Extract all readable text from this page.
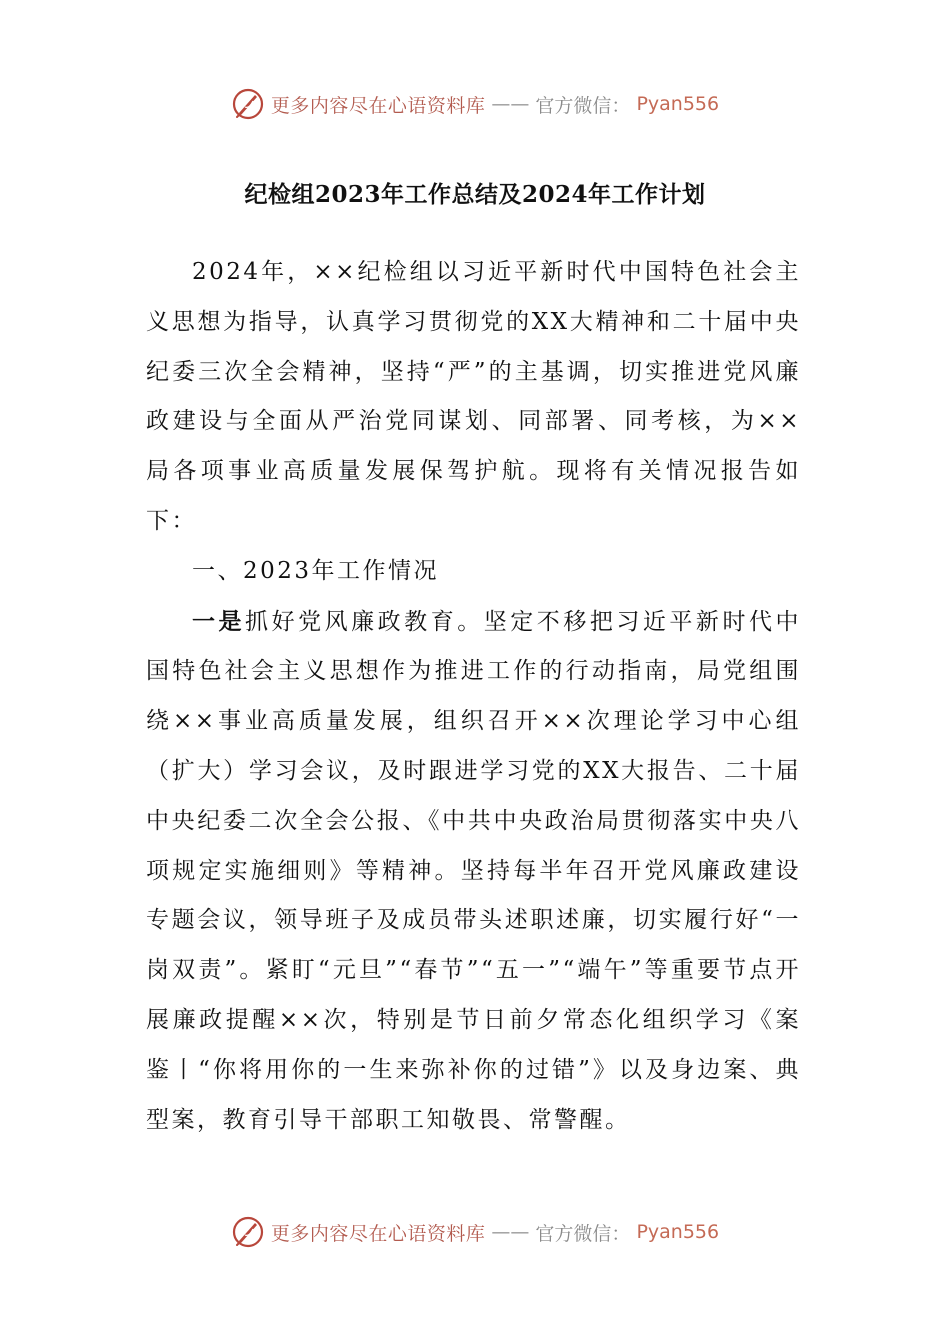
更多内容尽在心语资料库 —— 官方微信： Pyan556
纪检组2023年工作总结及2024年工作计划

2024年，××纪检组以习近平新时代中国特色社会主义思想为指导，认真学习贯彻党的XX大精神和二十届中央纪委三次全会精神，坚持“严”的主基调，切实推进党风廉政建设与全面从严治党同谋划、同部署、同考核，为××局各项事业高质量发展保驾护航。现将有关情况报告如下：

一、2023年工作情况

一是抓好党风廉政教育。坚定不移把习近平新时代中国特色社会主义思想作为推进工作的行动指南，局党组围绕××事业高质量发展，组织召开××次理论学习中心组（扩大）学习会议，及时跟进学习党的XX大报告、二十届中央纪委二次全会公报、《中共中央政治局贯彻落实中央八项规定实施细则》等精神。坚持每半年召开党风廉政建设专题会议，领导班子及成员带头述职述廉，切实履行好“一岗双责”。紧盯“元旦”“春节”“五一”“端午”等重要节点开展廉政提醒××次，特别是节日前夕常态化组织学习《案鉴丨“你将用你的一生来弥补你的过错”》以及身边案、典型案，教育引导干部职工知敬畏、常警醒。

更多内容尽在心语资料库 —— 官方微信： Pyan556
